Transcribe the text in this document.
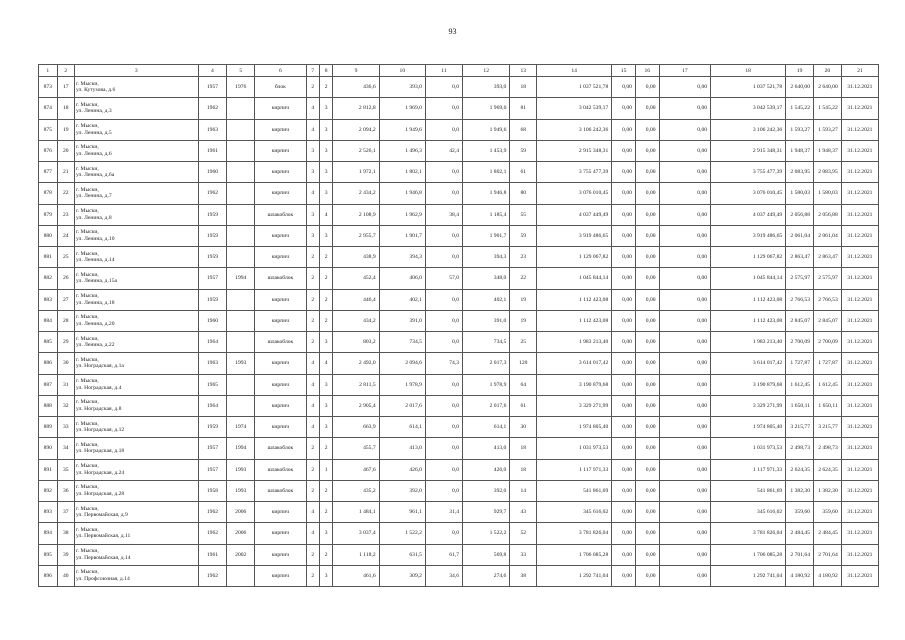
93
1	2	3	4	5	6	7	8	9	10	11	12	13	14	15	16	17	18	19	20	21
873	17	г. Мыски,
ул. Кутузова, д.6	1957	1976	блок	2	2	436,6	393,0	0,0	393,0	18	1 037 521,78	0,00	0,00	0,00	1 037 521,78	2 640,00	2 640,00	31.12.2021
874	18	г. Мыски,
ул. Ленина, д.3	1962		кирпич	4	3	2 812,8	1 969,0	0,0	1 969,0	81	3 042 539,17	0,00	0,00	0,00	3 042 539,17	1 545,22	1 545,22	31.12.2021
875	19	г. Мыски,
ул. Ленина, д.5	1963		кирпич	4	3	2 094,2	1 949,6	0,0	1 949,6	68	3 106 242,36	0,00	0,00	0,00	3 106 242,36	1 593,27	1 593,27	31.12.2021
876	20	г. Мыски,
ул. Ленина, д.6	1961		кирпич	3	3	2 526,1	1 496,3	42,4	1 453,9	59	2 915 348,31	0,00	0,00	0,00	2 915 348,31	1 948,37	1 948,37	31.12.2021
877	21	г. Мыски,
ул. Ленина, д.6а	1960		кирпич	3	3	1 972,1	1 802,1	0,0	1 802,1	61	3 755 477,39	0,00	0,00	0,00	3 755 477,39	2 083,95	2 083,95	31.12.2021
878	22	г. Мыски,
ул. Ленина, д.7	1962		кирпич	4	3	2 434,2	1 946,8	0,0	1 946,8	80	3 076 010,45	0,00	0,00	0,00	3 076 010,45	1 580,03	1 580,03	31.12.2021
879	23	г. Мыски,
ул. Ленина, д.8	1959		шлакоблок	3	4	2 108,9	1 962,9	38,4	1 185,4	55	4 037 449,49	0,00	0,00	0,00	4 037 449,49	2 056,88	2 056,88	31.12.2021
880	24	г. Мыски,
ул. Ленина, д.10	1959		кирпич	3	3	2 955,7	1 901,7	0,0	1 901,7	59	3 919 486,65	0,00	0,00	0,00	3 919 486,65	2 061,04	2 061,04	31.12.2021
881	25	г. Мыски,
ул. Ленина, д.14	1959		кирпич	2	2	438,9	394,3	0,0	394,3	23	1 129 067,82	0,00	0,00	0,00	1 129 067,82	2 863,47	2 863,47	31.12.2021
882	26	г. Мыски,
ул. Ленина, д.15а	1957	1994	шлакоблок	2	2	452,4	406,0	57,0	348,0	22	1 045 844,14	0,00	0,00	0,00	1 045 844,14	2 575,97	2 575,97	31.12.2021
883	27	г. Мыски,
ул. Ленина, д.18	1959		кирпич	2	2	446,4	402,1	0,0	402,1	19	1 112 423,08	0,00	0,00	0,00	1 112 423,08	2 766,53	2 766,53	31.12.2021
884	28	г. Мыски,
ул. Ленина, д.20	1960		кирпич	2	2	434,2	391,0	0,0	391,0	19	1 112 423,08	0,00	0,00	0,00	1 112 423,08	2 845,07	2 845,07	31.12.2021
885	29	г. Мыски,
ул. Ленина, д.22	1964		шлакоблок	2	3	803,2	734,5	0,0	734,5	25	1 983 213,40	0,00	0,00	0,00	1 983 213,40	2 700,09	2 700,09	31.12.2021
886	30	г. Мыски,
ул. Ноградская, д.1а	1963	1993	кирпич	4	4	2 492,0	2 094,6	74,3	2 017,3	120	3 614 017,42	0,00	0,00	0,00	3 614 017,42	1 727,87	1 727,87	31.12.2021
887	31	г. Мыски,
ул. Ноградская, д.4	1965		кирпич	4	3	2 811,5	1 978,9	0,0	1 978,9	64	3 190 879,68	0,00	0,00	0,00	3 190 879,68	1 612,45	1 612,45	31.12.2021
888	32	г. Мыски,
ул. Ноградская, д.8	1964		кирпич	4	3	2 905,4	2 017,6	0,0	2 017,6	61	3 329 271,99	0,00	0,00	0,00	3 329 271,99	1 650,11	1 650,11	31.12.2021
889	33	г. Мыски,
ул. Ноградская, д.12	1959	1974	кирпич	4	3	663,9	614,1	0,0	614,1	30	1 974 805,40	0,00	0,00	0,00	1 974 805,40	3 215,77	3 215,77	31.12.2021
890	34	г. Мыски,
ул. Ноградская, д.18	1957	1994	шлакоблок	2	2	455,7	413,0	0,0	413,0	18	1 031 973,53	0,00	0,00	0,00	1 031 973,53	2 498,73	2 498,73	31.12.2021
891	35	г. Мыски,
ул. Ноградская, д.24	1957	1993	шлакоблок	2	1	467,6	426,0	0,0	426,0	18	1 117 971,33	0,00	0,00	0,00	1 117 971,33	2 624,35	2 624,35	31.12.2021
892	36	г. Мыски,
ул. Ноградская, д.28	1958	1993	шлакоблок	2	2	435,2	392,0	0,0	392,0	14	541 861,69	0,00	0,00	0,00	541 861,69	1 382,30	1 382,30	31.12.2021
893	37	г. Мыски,
ул. Первомайская, д.9	1962	2006	кирпич	4	2	1 484,1	961,1	31,4	929,7	43	345 616,02	0,00	0,00	0,00	345 616,02	359,60	359,60	31.12.2021
894	38	г. Мыски,
ул. Первомайская, д.11	1962	2006	кирпич	4	3	3 037,4	1 522,2	0,0	1 522,2	52	3 781 826,04	0,00	0,00	0,00	3 781 826,04	2 484,45	2 484,45	31.12.2021
895	39	г. Мыски,
ул. Первомайская, д.14	1961	2002	кирпич	2	2	1 118,2	631,5	61,7	569,8	33	1 706 085,28	0,00	0,00	0,00	1 706 085,28	2 701,64	2 701,64	31.12.2021
896	40	г. Мыски,
ул. Профсоюзная, д.14	1962		кирпич	2	3	461,6	309,2	34,6	274,6	38	1 292 741,04	0,00	0,00	0,00	1 292 741,04	4 180,92	4 180,92	31.12.2021
